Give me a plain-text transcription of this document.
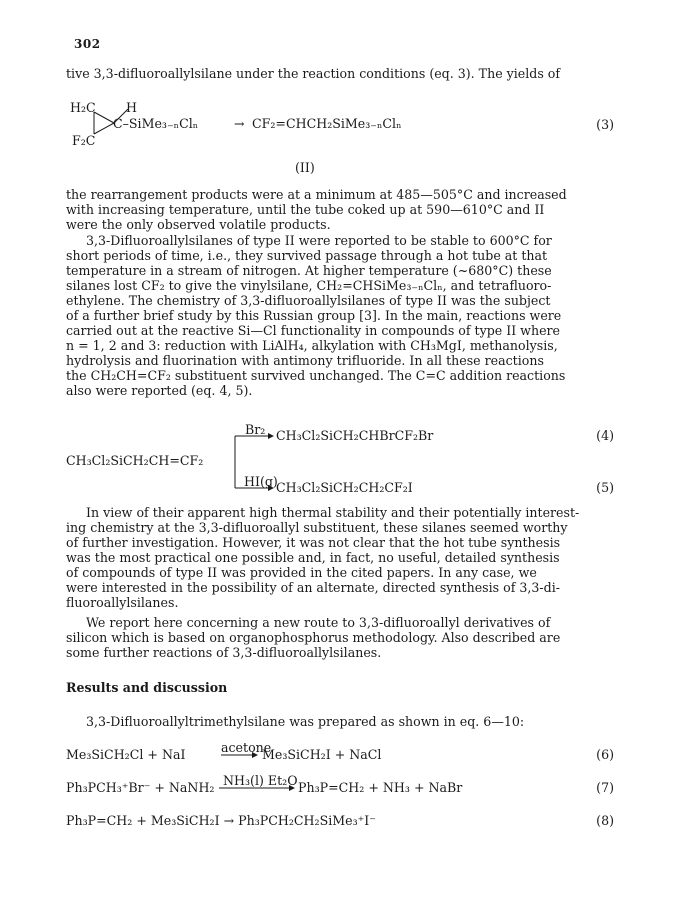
302
tive 3,3-difluoroallylsilane under the reaction conditions (eq. 3). The yields of
H₂C H
F₂C
C–SiMe₃₋ₙClₙ	→ CF₂=CHCH₂SiMe₃₋ₙClₙ	(3)
(II)
the rearrangement products were at a minimum at 485—505°C and increased
with increasing temperature, until the tube coked up at 590—610°C and II
were the only observed volatile products.
3,3-Difluoroallylsilanes of type II were reported to be stable to 600°C for
short periods of time, i.e., they survived passage through a hot tube at that
temperature in a stream of nitrogen. At higher temperature (~680°C) these
silanes lost CF₂ to give the vinylsilane, CH₂=CHSiMe₃₋ₙClₙ, and tetrafluoro-
ethylene. The chemistry of 3,3-difluoroallylsilanes of type II was the subject
of a further brief study by this Russian group [3]. In the main, reactions were
carried out at the reactive Si—Cl functionality in compounds of type II where
n = 1, 2 and 3: reduction with LiAlH₄, alkylation with CH₃MgI, methanolysis,
hydrolysis and fluorination with antimony trifluoride. In all these reactions
the CH₂CH=CF₂ substituent survived unchanged. The C=C addition reactions
also were reported (eq. 4, 5).
CH₃Cl₂SiCH₂CH=CF₂
Br₂ CH₃Cl₂SiCH₂CHBrCF₂Br	(4)
HI(g)
CH₃Cl₂SiCH₂CH₂CF₂I	(5)
In view of their apparent high thermal stability and their potentially interest-
ing chemistry at the 3,3-difluoroallyl substituent, these silanes seemed worthy
of further investigation. However, it was not clear that the hot tube synthesis
was the most practical one possible and, in fact, no useful, detailed synthesis
of compounds of type II was provided in the cited papers. In any case, we
were interested in the possibility of an alternate, directed synthesis of 3,3-di-
fluoroallylsilanes.
We report here concerning a new route to 3,3-difluoroallyl derivatives of
silicon which is based on organophosphorus methodology. Also described are
some further reactions of 3,3-difluoroallylsilanes.
Results and discussion
3,3-Difluoroallyltrimethylsilane was prepared as shown in eq. 6—10:
Me₃SiCH₂Cl + NaI	acetone
Me₃SiCH₂I + NaCl	(6)
Ph₃PCH₃⁺Br⁻ + NaNH₂ NH₃(l) Et₂O Ph₃P=CH₂ + NH₃ + NaBr	(7)
Ph₃P=CH₂ + Me₃SiCH₂I → Ph₃PCH₂CH₂SiMe₃⁺I⁻	(8)
